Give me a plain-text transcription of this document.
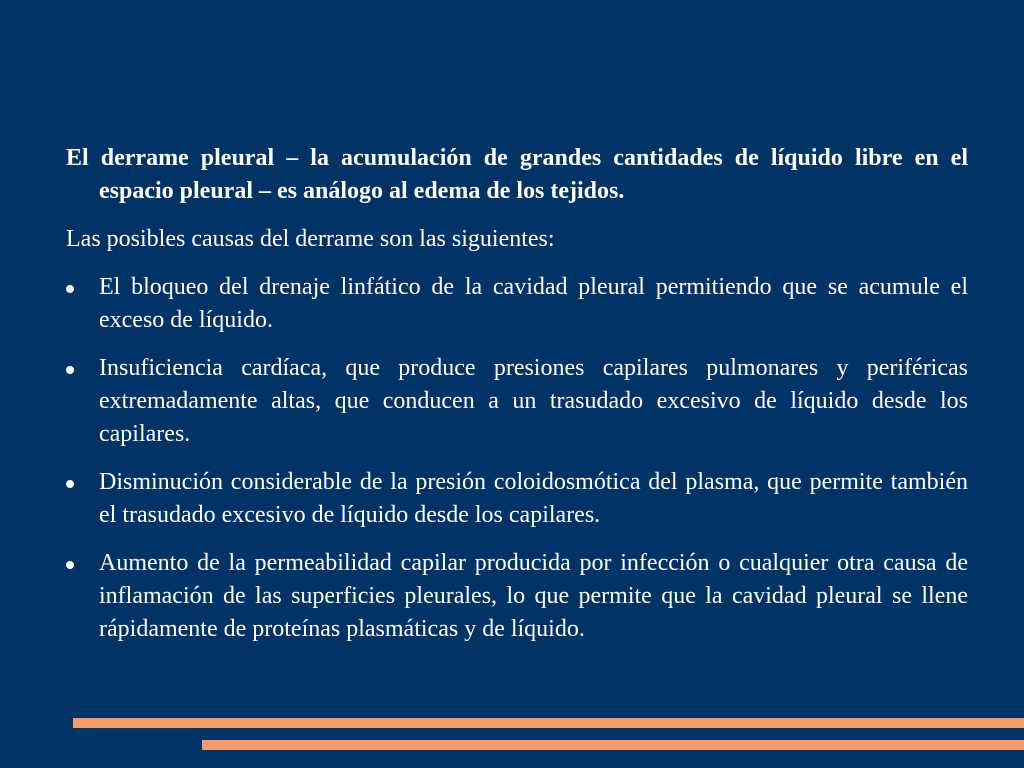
El derrame pleural – la acumulación de grandes cantidades de líquido libre en el espacio pleural – es análogo al edema de los tejidos.

Las posibles causas del derrame son las siguientes:

El bloqueo del drenaje linfático de la cavidad pleural permitiendo que se acumule el exceso de líquido.
Insuficiencia cardíaca, que produce presiones capilares pulmonares y periféricas extremadamente altas, que conducen a un trasudado excesivo de líquido desde los capilares.
Disminución considerable de la presión coloidosmótica del plasma, que permite también el trasudado excesivo de líquido desde los capilares.
Aumento de la permeabilidad capilar producida por infección o cualquier otra causa de inflamación de las superficies pleurales, lo que permite que la cavidad pleural se llene rápidamente de proteínas plasmáticas y de líquido.
